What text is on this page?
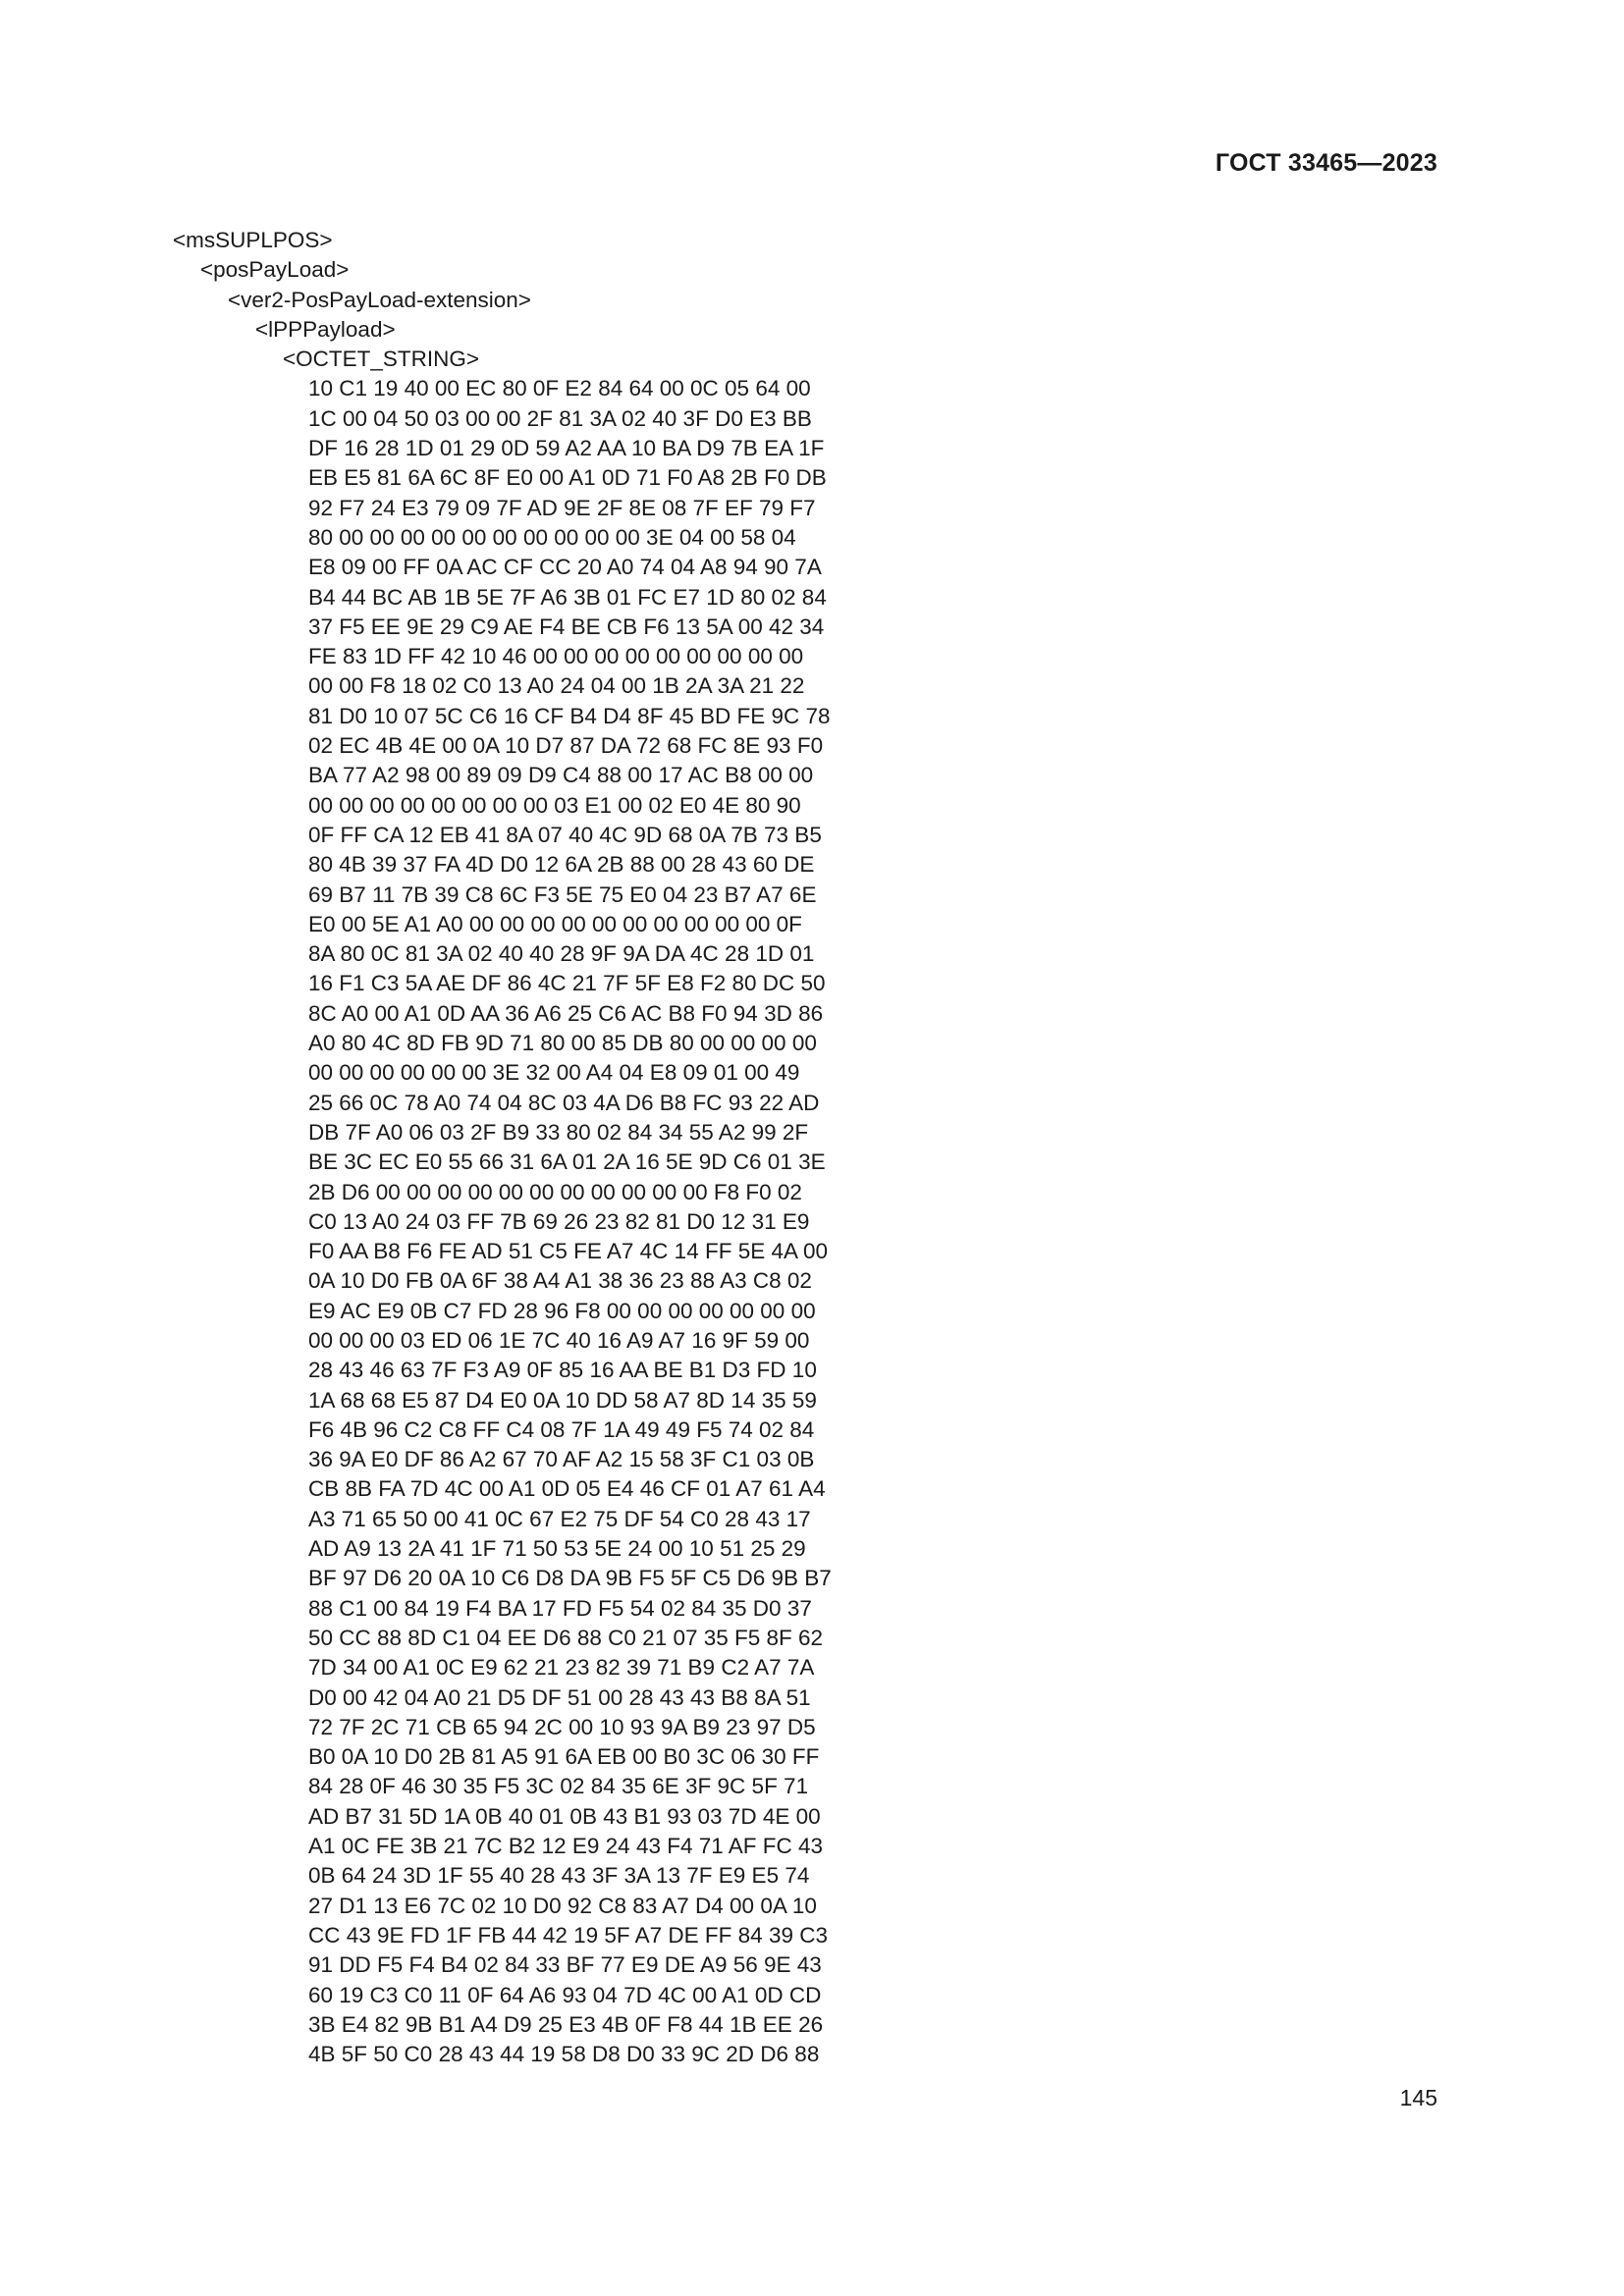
ГОСТ 33465—2023
<msSUPLPOS>
<posPayLoad>
<ver2-PosPayLoad-extension>
<lPPPayload>
<OCTET_STRING>
10 C1 19 40 00 EC 80 0F E2 84 64 00 0C 05 64 00
1C 00 04 50 03 00 00 2F 81 3A 02 40 3F D0 E3 BB
DF 16 28 1D 01 29 0D 59 A2 AA 10 BA D9 7B EA 1F
EB E5 81 6A 6C 8F E0 00 A1 0D 71 F0 A8 2B F0 DB
92 F7 24 E3 79 09 7F AD 9E 2F 8E 08 7F EF 79 F7
80 00 00 00 00 00 00 00 00 00 00 3E 04 00 58 04
E8 09 00 FF 0A AC CF CC 20 A0 74 04 A8 94 90 7A
B4 44 BC AB 1B 5E 7F A6 3B 01 FC E7 1D 80 02 84
37 F5 EE 9E 29 C9 AE F4 BE CB F6 13 5A 00 42 34
FE 83 1D FF 42 10 46 00 00 00 00 00 00 00 00 00
00 00 F8 18 02 C0 13 A0 24 04 00 1B 2A 3A 21 22
81 D0 10 07 5C C6 16 CF B4 D4 8F 45 BD FE 9C 78
02 EC 4B 4E 00 0A 10 D7 87 DA 72 68 FC 8E 93 F0
BA 77 A2 98 00 89 09 D9 C4 88 00 17 AC B8 00 00
00 00 00 00 00 00 00 00 03 E1 00 02 E0 4E 80 90
0F FF CA 12 EB 41 8A 07 40 4C 9D 68 0A 7B 73 B5
80 4B 39 37 FA 4D D0 12 6A 2B 88 00 28 43 60 DE
69 B7 11 7B 39 C8 6C F3 5E 75 E0 04 23 B7 A7 6E
E0 00 5E A1 A0 00 00 00 00 00 00 00 00 00 00 0F
8A 80 0C 81 3A 02 40 40 28 9F 9A DA 4C 28 1D 01
16 F1 C3 5A AE DF 86 4C 21 7F 5F E8 F2 80 DC 50
8C A0 00 A1 0D AA 36 A6 25 C6 AC B8 F0 94 3D 86
A0 80 4C 8D FB 9D 71 80 00 85 DB 80 00 00 00 00
00 00 00 00 00 00 3E 32 00 A4 04 E8 09 01 00 49
25 66 0C 78 A0 74 04 8C 03 4A D6 B8 FC 93 22 AD
DB 7F A0 06 03 2F B9 33 80 02 84 34 55 A2 99 2F
BE 3C EC E0 55 66 31 6A 01 2A 16 5E 9D C6 01 3E
2B D6 00 00 00 00 00 00 00 00 00 00 00 F8 F0 02
C0 13 A0 24 03 FF 7B 69 26 23 82 81 D0 12 31 E9
F0 AA B8 F6 FE AD 51 C5 FE A7 4C 14 FF 5E 4A 00
0A 10 D0 FB 0A 6F 38 A4 A1 38 36 23 88 A3 C8 02
E9 AC E9 0B C7 FD 28 96 F8 00 00 00 00 00 00 00
00 00 00 03 ED 06 1E 7C 40 16 A9 A7 16 9F 59 00
28 43 46 63 7F F3 A9 0F 85 16 AA BE B1 D3 FD 10
1A 68 68 E5 87 D4 E0 0A 10 DD 58 A7 8D 14 35 59
F6 4B 96 C2 C8 FF C4 08 7F 1A 49 49 F5 74 02 84
36 9A E0 DF 86 A2 67 70 AF A2 15 58 3F C1 03 0B
CB 8B FA 7D 4C 00 A1 0D 05 E4 46 CF 01 A7 61 A4
A3 71 65 50 00 41 0C 67 E2 75 DF 54 C0 28 43 17
AD A9 13 2A 41 1F 71 50 53 5E 24 00 10 51 25 29
BF 97 D6 20 0A 10 C6 D8 DA 9B F5 5F C5 D6 9B B7
88 C1 00 84 19 F4 BA 17 FD F5 54 02 84 35 D0 37
50 CC 88 8D C1 04 EE D6 88 C0 21 07 35 F5 8F 62
7D 34 00 A1 0C E9 62 21 23 82 39 71 B9 C2 A7 7A
D0 00 42 04 A0 21 D5 DF 51 00 28 43 43 B8 8A 51
72 7F 2C 71 CB 65 94 2C 00 10 93 9A B9 23 97 D5
B0 0A 10 D0 2B 81 A5 91 6A EB 00 B0 3C 06 30 FF
84 28 0F 46 30 35 F5 3C 02 84 35 6E 3F 9C 5F 71
AD B7 31 5D 1A 0B 40 01 0B 43 B1 93 03 7D 4E 00
A1 0C FE 3B 21 7C B2 12 E9 24 43 F4 71 AF FC 43
0B 64 24 3D 1F 55 40 28 43 3F 3A 13 7F E9 E5 74
27 D1 13 E6 7C 02 10 D0 92 C8 83 A7 D4 00 0A 10
CC 43 9E FD 1F FB 44 42 19 5F A7 DE FF 84 39 C3
91 DD F5 F4 B4 02 84 33 BF 77 E9 DE A9 56 9E 43
60 19 C3 C0 11 0F 64 A6 93 04 7D 4C 00 A1 0D CD
3B E4 82 9B B1 A4 D9 25 E3 4B 0F F8 44 1B EE 26
4B 5F 50 C0 28 43 44 19 58 D8 D0 33 9C 2D D6 88
145
